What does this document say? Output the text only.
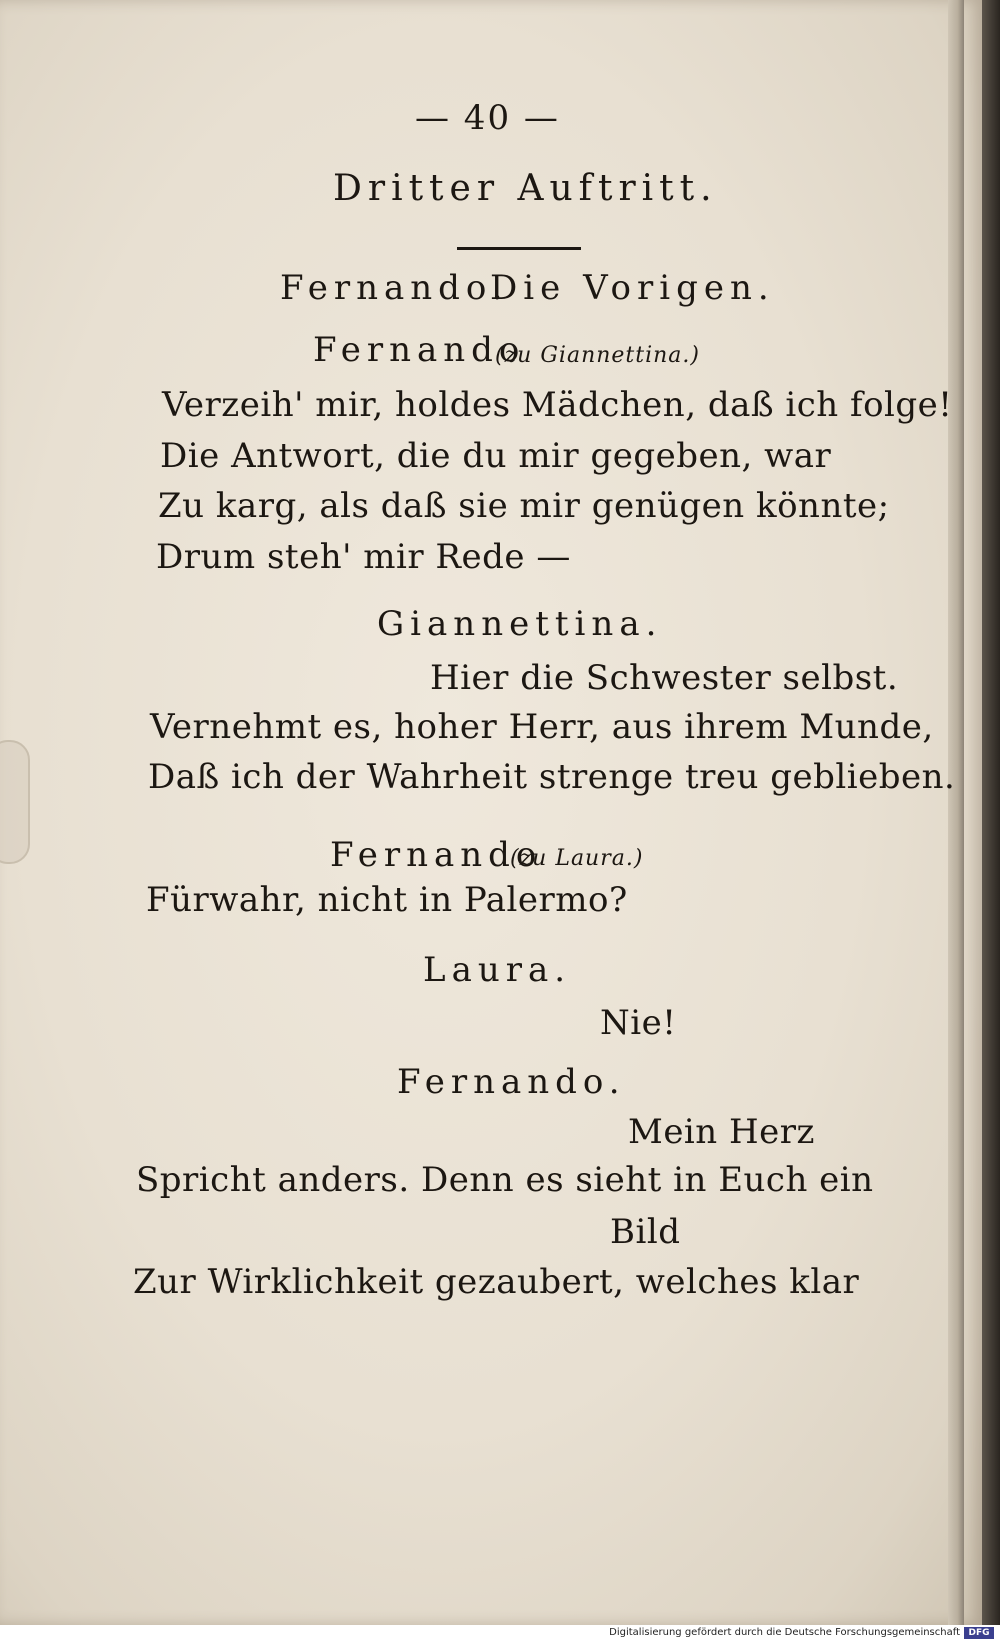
— 40 —
Dritter Auftritt.
Fernando.
Die Vorigen.
Fernando
(zu Giannettina.)
Verzeih' mir, holdes Mädchen, daß ich folge!
Die Antwort, die du mir gegeben, war
Zu karg, als daß sie mir genügen könnte;
Drum steh' mir Rede —
Giannettina.
Hier die Schwester selbst.
Vernehmt es, hoher Herr, aus ihrem Munde,
Daß ich der Wahrheit strenge treu geblieben.
Fernando
(zu Laura.)
Fürwahr, nicht in Palermo?
Laura.
Nie!
Fernando.
Mein Herz
Spricht anders. Denn es sieht in Euch ein
Bild
Zur Wirklichkeit gezaubert, welches klar
Digitalisierung gefördert durch die Deutsche Forschungsgemeinschaft DFG
